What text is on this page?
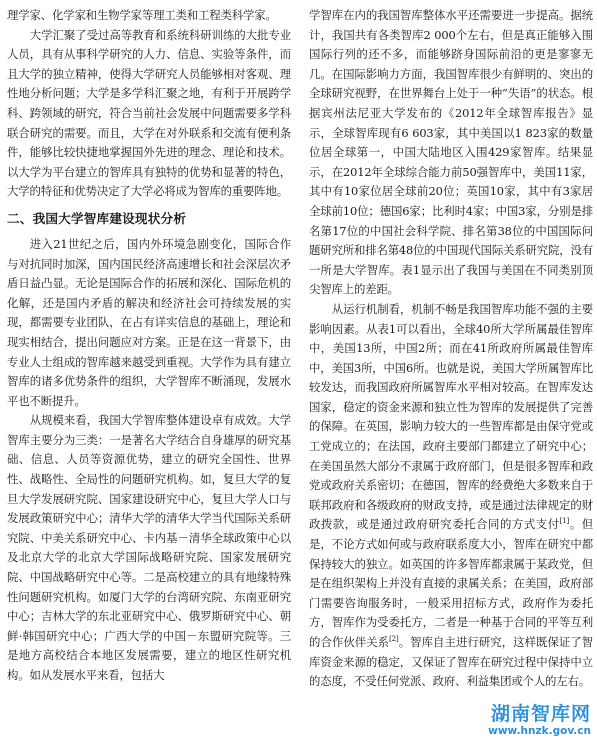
理学家、化学家和生物学家等理工类和工程类科学家。

大学汇聚了受过高等教育和系统科研训练的大批专业人员，具有从事科学研究的人力、信息、实验等条件，而且大学的独立精神，使得大学研究人员能够相对客观、理性地分析问题；大学是多学科汇聚之地，有利于开展跨学科、跨领域的研究，符合当前社会发展中问题需要多学科联合研究的需要。而且，大学在对外联系和交流有便利条件，能够比较快捷地掌握国外先进的理念、理论和技术。以大学为平台建立的智库具有独特的优势和显著的特色，大学的特征和优势决定了大学必将成为智库的重要阵地。

二、我国大学智库建设现状分析

进入21世纪之后，国内外环境急剧变化，国际合作与对抗同时加深，国内国民经济高速增长和社会深层次矛盾日益凸显。无论是国际合作的拓展和深化、国际危机的化解，还是国内矛盾的解决和经济社会可持续发展的实现，都需要专业团队，在占有详实信息的基础上，理论和现实相结合，提出问题应对方案。正是在这一背景下，由专业人士组成的智库越来越受到重视。大学作为具有建立智库的诸多优势条件的组织，大学智库不断涌现，发展水平也不断提升。

从规模来看，我国大学智库整体建设卓有成效。大学智库主要分为三类：一是著名大学结合自身雄厚的研究基础、信息、人员等资源优势，建立的研究全国性、世界性、战略性、全局性的问题研究机构。如，复旦大学的复旦大学发展研究院、国家建设研究中心，复旦大学人口与发展政策研究中心；清华大学的清华大学当代国际关系研究院、中美关系研究中心、卡内基－清华全球政策中心以及北京大学的北京大学国际战略研究院、国家发展研究院、中国战略研究中心等。二是高校建立的具有地缘特殊性问题研究机构。如厦门大学的台湾研究院、东南亚研究中心；吉林大学的东北亚研究中心、俄罗斯研究中心、朝鲜·韩国研究中心；广西大学的中国－东盟研究院等。三是地方高校结合本地区发展需要，建立的地区性研究机构。如从发展水平来看，包括大

学智库在内的我国智库整体水平还需要进一步提高。据统计，我国共有各类智库2 000个左右，但是真正能够入围国际行列的还不多，而能够跻身国际前沿的更是寥寥无几。在国际影响力方面，我国智库很少有鲜明的、突出的全球研究视野，在世界舞台上处于一种“失语”的状态。根据宾州法尼亚大学发布的《2012年全球智库报告》显示，全球智库现有6 603家，其中美国以1 823家的数量位居全球第一，中国大陆地区入围429家智库。结果显示，在2012年全球综合能力前50强智库中，美国11家，其中有10家位居全球前20位；英国10家，其中有3家居全球前10位；德国6家；比利时4家；中国3家，分别是排名第17位的中国社会科学院、排名第38位的中国国际问题研究所和排名第48位的中国现代国际关系研究院，没有一所是大学智库。表1显示出了我国与美国在不同类别顶尖智库上的差距。

从运行机制看，机制不畅是我国智库功能不强的主要影响因素。从表1可以看出，全球40所大学所属最佳智库中，美国13所，中国2所；而在41所政府所属最佳智库中，美国3所，中国6所。也就是说，美国大学所属智库比较发达，而我国政府所属智库水平相对较高。在智库发达国家，稳定的资金来源和独立性为智库的发展提供了完善的保障。在英国，影响力较大的一些智库都是由保守党或工党成立的；在法国，政府主要部门都建立了研究中心；在美国虽然大部分不隶属于政府部门，但是很多智库和政党或政府关系密切；在德国，智库的经费绝大多数来自于联邦政府和各级政府的财政支持，或是通过法律规定的财政拨款，或是通过政府研究委托合同的方式支付[1]。但是，不论方式如何或与政府联系度大小，智库在研究中都保持较大的独立。如英国的许多智库都隶属于某政党，但是在组织架构上并没有直接的隶属关系；在美国，政府部门需要咨询服务时，一般采用招标方式，政府作为委托方，智库作为受委托方，二者是一种基于合同的平等互利的合作伙伴关系[2]。智库自主进行研究，这样既保证了智库资金来源的稳定，又保证了智库在研究过程中保持中立的态度，不受任何党派、政府、利益集团或个人的左右。

湖南智库网
www.hnzk.gov.cn
